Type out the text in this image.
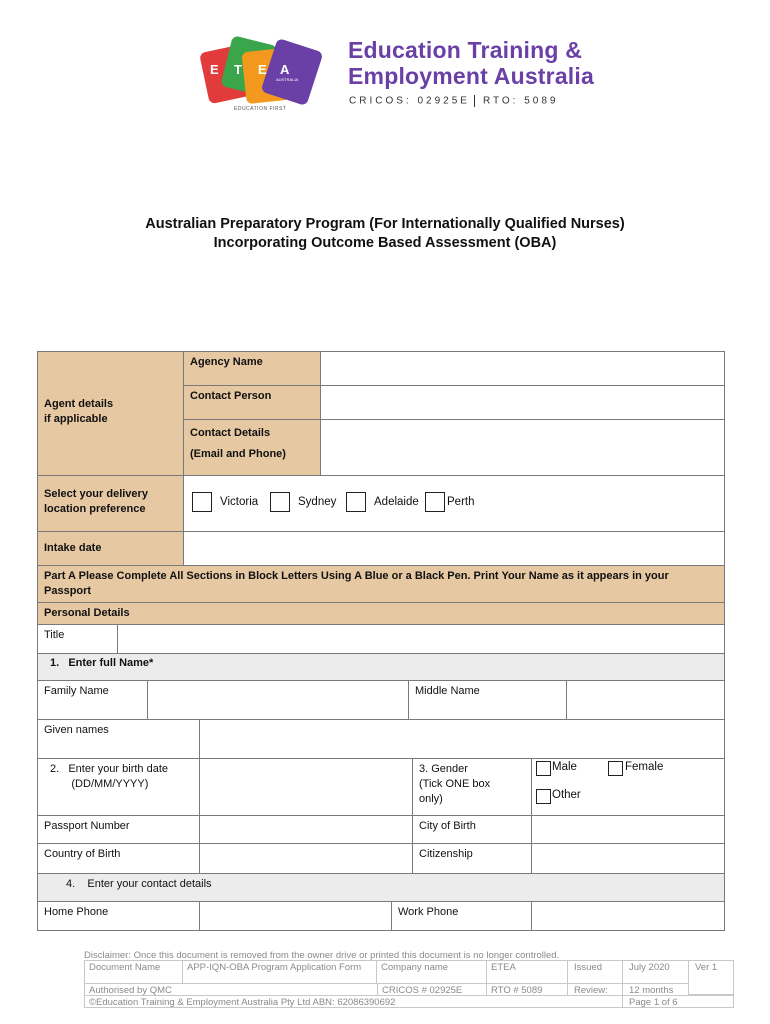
E T E A
AUSTRALIA
EDUCATION FIRST
Education Training &
Employment Australia
CRICOS: 02925E RTO: 5089
Australian Preparatory Program (For Internationally Qualified Nurses)
Incorporating Outcome Based Assessment (OBA)
Agent details
if applicable
Agency Name
Contact Person
Contact Details
(Email and Phone)
Select your delivery
location preference
Victoria	Sydney	Adelaide Perth
Intake date
Part A Please Complete All Sections in Block Letters Using A Blue or a Black Pen. Print Your Name as it appears in your Passport
Personal Details
Title
1.   Enter full Name*
Family Name	Middle Name
Given names
2.   Enter your birth date
(DD/MM/YYYY)
3. Gender
(Tick ONE box
only)
Male	Female
Other
Passport Number	City of Birth
Country of Birth	Citizenship
4.    Enter your contact details
Home Phone	Work Phone
Disclaimer: Once this document is removed from the owner drive or printed this document is no longer controlled.
Document Name	APP-IQN-OBA Program Application Form	Company name	ETEA	Issued	July 2020	Ver 1
Authorised by QMC	CRICOS # 02925E	RTO # 5089	Review:	12 months
©Education Training & Employment Australia Pty Ltd ABN: 62086390692	Page 1 of 6
